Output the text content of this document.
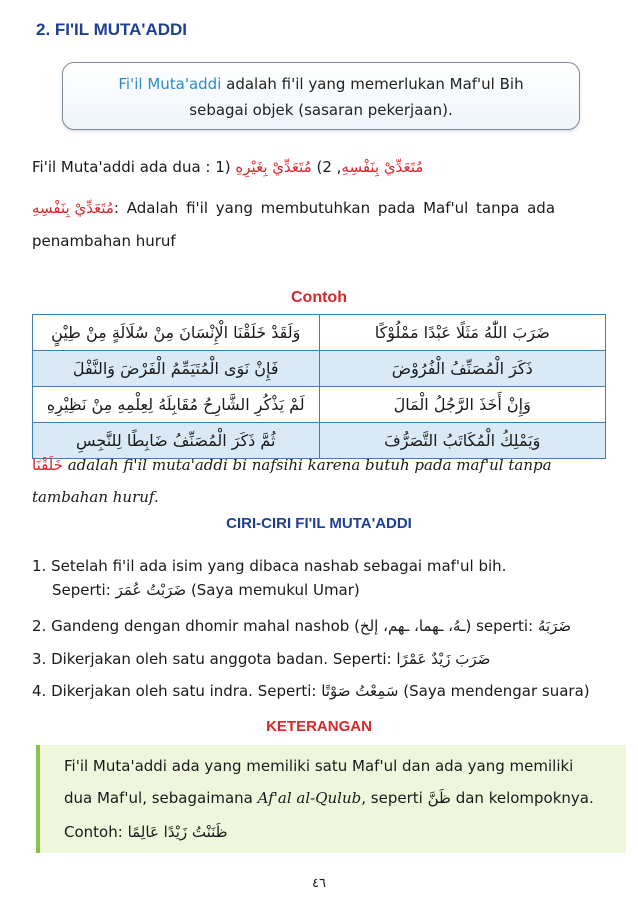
2. FI'IL MUTA'ADDI
Fi'il Muta'addi adalah fi'il yang memerlukan Maf'ul Bih
sebagai objek (sasaran pekerjaan).
Fi'il Muta'addi ada dua : 1)	مُتَعَدِّيْ بِنَفْسِهِ, 2) مُتَعَدِّيْ بِغَيْرِهِ
مُتَعَدِّيْ بِنَفْسِهِ: Adalah fi'il yang membutuhkan pada Maf'ul tanpa ada
penambahan huruf
Contoh
وَلَقَدْ خَلَقْنَا الْإِنْسَانَ مِنْ سُلَالَةٍ مِنْ طِيْنٍ	ضَرَبَ اللّٰهُ مَثَلًا عَبْدًا مَمْلُوْكًا
فَإِنْ نَوَى الْمُتَيَمِّمُ الْفَرْضَ وَالنَّفْلَ	ذَكَرَ الْمُصَنِّفُ الْفُرُوْضَ
لَمْ يَذْكُرِ الشَّارِحُ مُقَابِلَهُ لِعِلْمِهِ مِنْ نَظِيْرِهِ	وَإِنْ أَخَذَ الرَّجُلُ الْمَالَ
ثُمَّ ذَكَرَ الْمُصَنِّفُ ضَابِطًا لِلنَّجِسِ	وَيَمْلِكُ الْمُكَاتَبُ التَّصَرُّفَ
خَلَقْنَا adalah fi'il muta'addi bi nafsihi karena butuh pada maf'ul tanpa
tambahan huruf.
CIRI-CIRI FI'IL MUTA'ADDI
1. Setelah fi'il ada isim yang dibaca nashab sebagai maf'ul bih.
Seperti: ضَرَبْتُ عُمَرَ (Saya memukul Umar)
2. Gandeng dengan dhomir mahal nashob (ـهُ، ـهما، ـهم، إلخ) seperti: ضَرَبَهُ
3. Dikerjakan oleh satu anggota badan. Seperti: ضَرَبَ زَيْدٌ عَمْرًا
4. Dikerjakan oleh satu indra. Seperti: سَمِعْتُ صَوْتًا (Saya mendengar suara)
KETERANGAN
Fi'il Muta'addi ada yang memiliki satu Maf'ul dan ada yang memiliki
dua Maf'ul, sebagaimana Af'al al-Qulub, seperti ظَنَّ dan kelompoknya.
Contoh: ظَنَنْتُ زَيْدًا عَالِمًا
٤٦
